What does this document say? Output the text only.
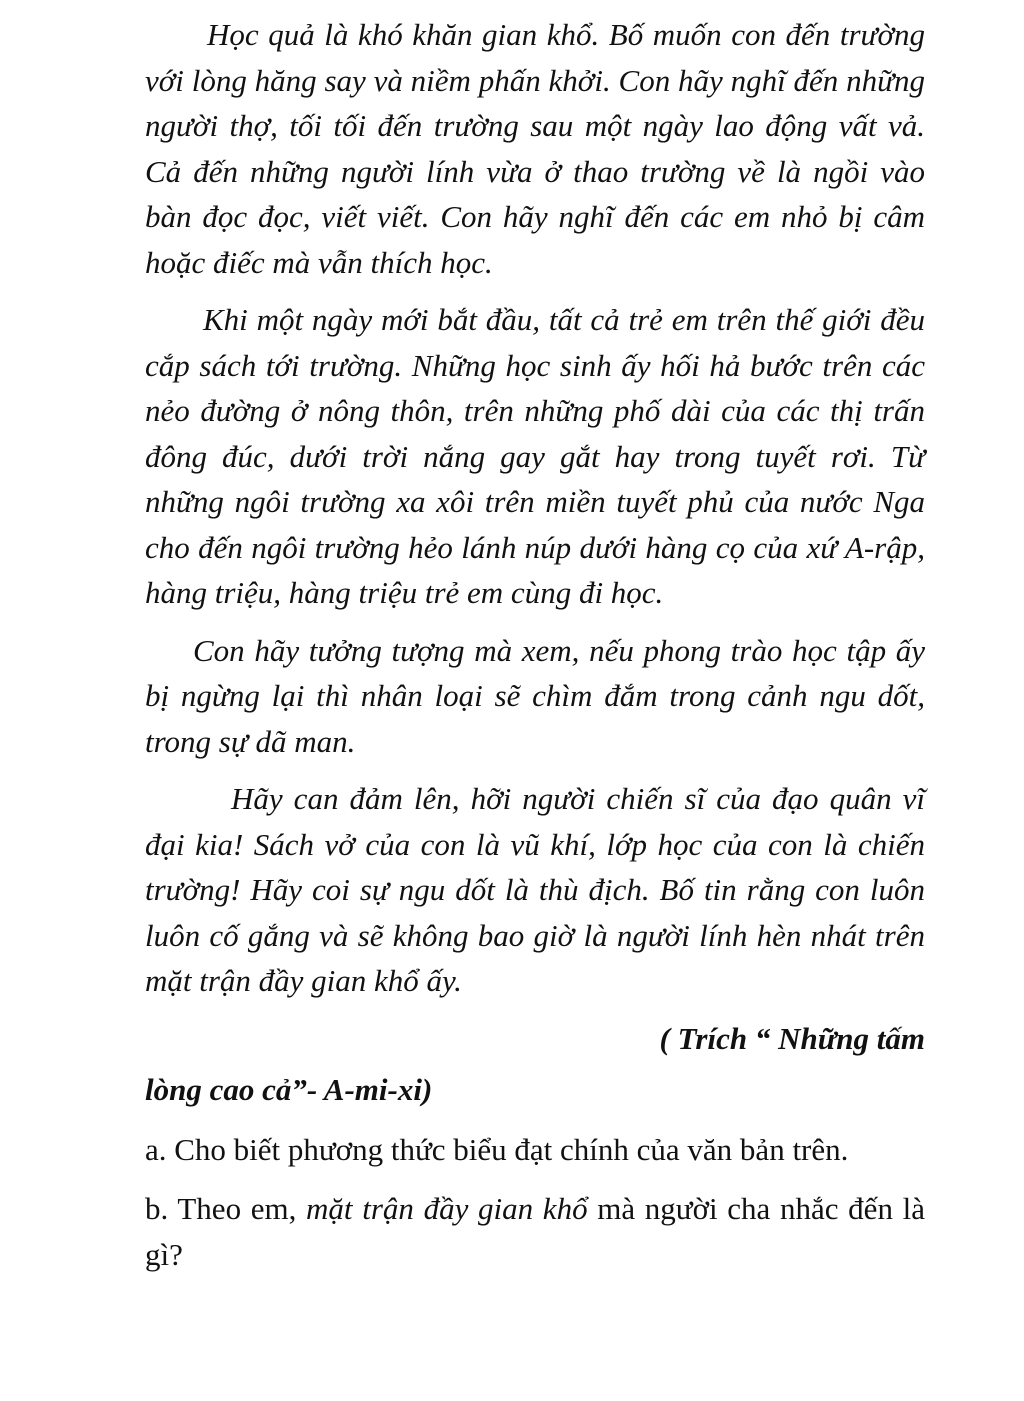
Học quả là khó khăn gian khổ. Bố muốn con đến trường với lòng hăng say và niềm phấn khởi. Con hãy nghĩ đến những người thợ, tối tối đến trường sau một ngày lao động vất vả. Cả đến những người lính vừa ở thao trường về là ngồi vào bàn đọc đọc, viết viết. Con hãy nghĩ đến các em nhỏ bị câm hoặc điếc mà vẫn thích học.

Khi một ngày mới bắt đầu, tất cả trẻ em trên thế giới đều cắp sách tới trường. Những học sinh ấy hối hả bước trên các nẻo đường ở nông thôn, trên những phố dài của các thị trấn đông đúc, dưới trời nắng gay gắt hay trong tuyết rơi. Từ những ngôi trường xa xôi trên miền tuyết phủ của nước Nga cho đến ngôi trường hẻo lánh núp dưới hàng cọ của xứ A-rập, hàng triệu, hàng triệu trẻ em cùng đi học.

Con hãy tưởng tượng mà xem, nếu phong trào học tập ấy bị ngừng lại thì nhân loại sẽ chìm đắm trong cảnh ngu dốt, trong sự dã man.

Hãy can đảm lên, hỡi người chiến sĩ của đạo quân vĩ đại kia! Sách vở của con là vũ khí, lớp học của con là chiến trường! Hãy coi sự ngu dốt là thù địch. Bố tin rằng con luôn luôn cố gắng và sẽ không bao giờ là người lính hèn nhát trên mặt trận đầy gian khổ ấy.

( Trích “ Những tấm
lòng cao cả”- A-mi-xi)

a. Cho biết phương thức biểu đạt chính của văn bản trên.

b. Theo em, mặt trận đầy gian khổ mà người cha nhắc đến là gì?
